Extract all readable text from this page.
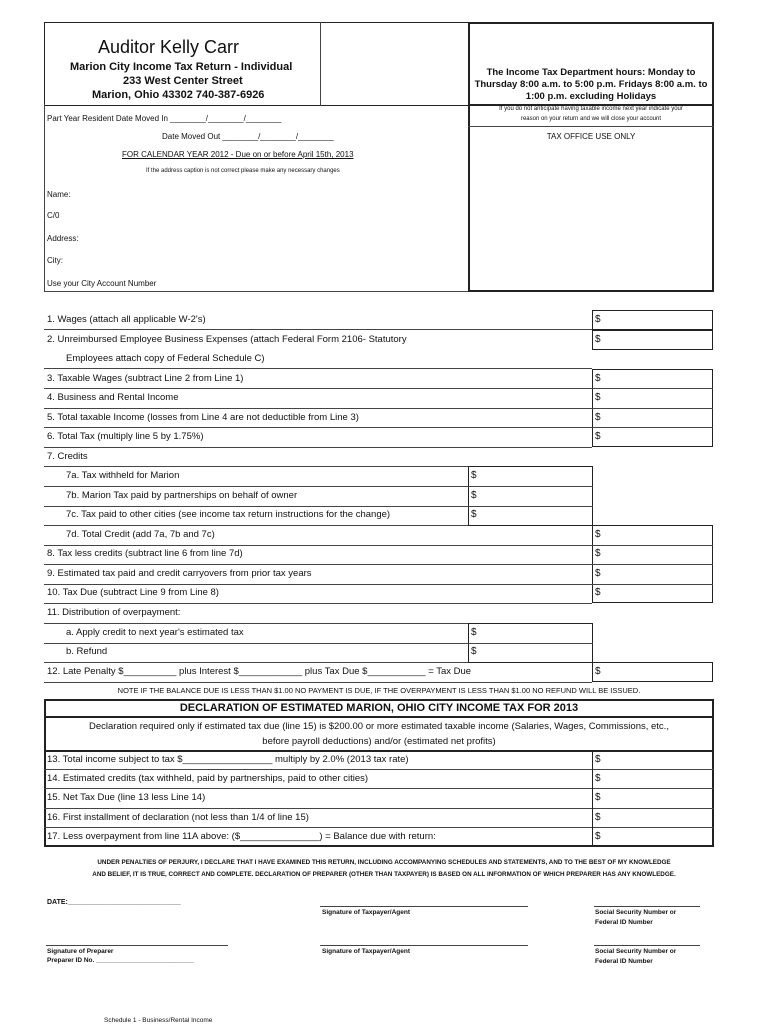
Auditor Kelly Carr
Marion City Income Tax Return - Individual
233 West Center Street
Marion, Ohio 43302 740-387-6926
The Income Tax Department hours: Monday to
Thursday 8:00 a.m. to 5:00 p.m. Fridays 8:00 a.m. to
1:00 p.m. excluding Holidays
If you do not anticipate having taxable income next year indicate your
reason on your return and we will close your account
TAX OFFICE USE ONLY
Part Year Resident Date Moved In ________/________/________
Date Moved Out ________/________/________
FOR CALENDAR YEAR 2012 - Due on or before April 15th, 2013
If the address caption is not correct please make any necessary changes
Name:
C/0
Address:
City:
Use your City Account Number
$
$
$
$
$
$
$
$
$
$
$
$
$
$
$
$
1. Wages (attach all applicable W-2's)
2. Unreimbursed Employee Business Expenses (attach Federal Form 2106- Statutory
Employees attach copy of Federal Schedule C)
3. Taxable Wages (subtract Line 2 from Line 1)
4. Business and Rental Income
5. Total taxable Income (losses from Line 4 are not deductible from Line 3)
6. Total Tax (multiply line 5 by 1.75%)
7. Credits
7a. Tax withheld for Marion
7b. Marion Tax paid by partnerships on behalf of owner
7c. Tax paid to other cities (see income tax return instructions for the change)
7d. Total Credit (add 7a, 7b and 7c)
8. Tax less credits (subtract line 6 from line 7d)
9. Estimated tax paid and credit carryovers from prior tax years
10. Tax Due (subtract Line 9 from Line 8)
11. Distribution of overpayment:
a. Apply credit to next year's estimated tax
b. Refund
12. Late Penalty $__________ plus Interest $____________ plus Tax Due $___________ = Tax Due
NOTE IF THE BALANCE DUE IS LESS THAN $1.00 NO PAYMENT IS DUE, IF THE OVERPAYMENT IS LESS THAN $1.00 NO REFUND WILL BE ISSUED.
DECLARATION OF ESTIMATED MARION, OHIO CITY INCOME TAX FOR 2013
Declaration required only if estimated tax due (line 15) is $200.00 or more estimated taxable income (Salaries, Wages, Commissions, etc.,
before payroll deductions) and/or (estimated net profits)
13. Total income subject to tax $_________________ multiply by 2.0% (2013 tax rate)
14. Estimated credits (tax withheld, paid by partnerships, paid to other cities)
15. Net Tax Due (line 13 less Line 14)
16. First installment of declaration (not less than 1/4 of line 15)
17. Less overpayment from line 11A above: ($_______________) = Balance due with return:
$
$
$
$
$
UNDER PENALTIES OF PERJURY, I DECLARE THAT I HAVE EXAMINED THIS RETURN, INCLUDING ACCOMPANYING SCHEDULES AND STATEMENTS, AND TO THE BEST OF MY KNOWLEDGE
AND BELIEF, IT IS TRUE, CORRECT AND COMPLETE. DECLARATION OF PREPARER (OTHER THAN TAXPAYER) IS BASED ON ALL INFORMATION OF WHICH PREPARER HAS ANY KNOWLEDGE.
DATE:_____________________________
Signature of Taxpayer/Agent	Social Security Number or
Federal ID Number
Signature of Preparer
Preparer ID No. ___________________________
Signature of Taxpayer/Agent	Social Security Number or
Federal ID Number
Schedule 1 - Business/Rental Income
